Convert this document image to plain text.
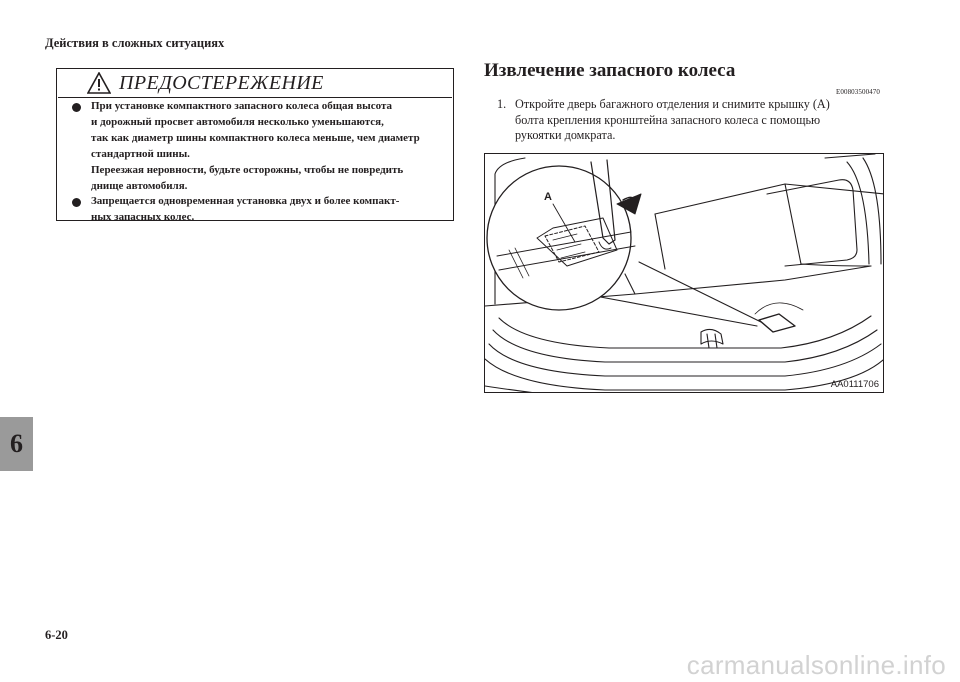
Действия в сложных ситуациях
ПРЕДОСТЕРЕЖЕНИЕ
При установке компактного запасного колеса общая высота
и дорожный просвет автомобиля несколько уменьшаются,
так как диаметр шины компактного колеса меньше, чем диаметр
стандартной шины.
Переезжая неровности, будьте осторожны, чтобы не повредить
днище автомобиля.
Запрещается одновременная установка двух и более компакт-
ных запасных колес.
Извлечение запасного колеса
E00803500470
1. Откройте дверь багажного отделения и снимите крышку (A)
болта крепления кронштейна запасного колеса с помощью
рукоятки домкрата.
A
AA0111706
6
6-20
carmanualsonline.info
